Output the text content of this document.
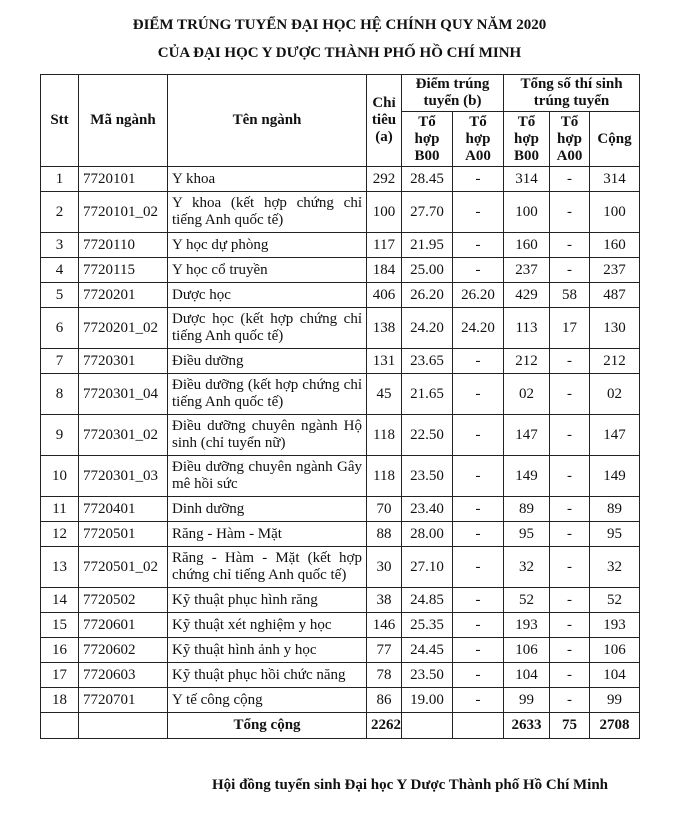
ĐIỂM TRÚNG TUYỂN ĐẠI HỌC HỆ CHÍNH QUY NĂM 2020
CỦA ĐẠI HỌC Y DƯỢC THÀNH PHỐ HỒ CHÍ MINH
Stt	Mã ngành	Tên ngành	Chỉ tiêu (a)	Điểm trúng tuyển (b)		Tổng số thí sinh trúng tuyển		
				Tổ hợp B00	Tổ hợp A00	Tổ hợp B00	Tổ hợp A00	Cộng
1	7720101	Y khoa	292	28.45	-	314	-	314
2	7720101_02	Y khoa (kết hợp chứng chỉ tiếng Anh quốc tế)	100	27.70	-	100	-	100
3	7720110	Y học dự phòng	117	21.95	-	160	-	160
4	7720115	Y học cổ truyền	184	25.00	-	237	-	237
5	7720201	Dược học	406	26.20	26.20	429	58	487
6	7720201_02	Dược học (kết hợp chứng chỉ tiếng Anh quốc tế)	138	24.20	24.20	113	17	130
7	7720301	Điều dưỡng	131	23.65	-	212	-	212
8	7720301_04	Điều dưỡng (kết hợp chứng chỉ tiếng Anh quốc tế)	45	21.65	-	02	-	02
9	7720301_02	Điều dưỡng chuyên ngành Hộ sinh (chỉ tuyển nữ)	118	22.50	-	147	-	147
10	7720301_03	Điều dưỡng chuyên ngành Gây mê hồi sức	118	23.50	-	149	-	149
11	7720401	Dinh dưỡng	70	23.40	-	89	-	89
12	7720501	Răng - Hàm - Mặt	88	28.00	-	95	-	95
13	7720501_02	Răng - Hàm - Mặt (kết hợp chứng chỉ tiếng Anh quốc tế)	30	27.10	-	32	-	32
14	7720502	Kỹ thuật phục hình răng	38	24.85	-	52	-	52
15	7720601	Kỹ thuật xét nghiệm y học	146	25.35	-	193	-	193
16	7720602	Kỹ thuật hình ảnh y học	77	24.45	-	106	-	106
17	7720603	Kỹ thuật phục hồi chức năng	78	23.50	-	104	-	104
18	7720701	Y tế công cộng	86	19.00	-	99	-	99
		Tổng cộng	2262			2633	75	2708
Hội đồng tuyển sinh Đại học Y Dược Thành phố Hồ Chí Minh
